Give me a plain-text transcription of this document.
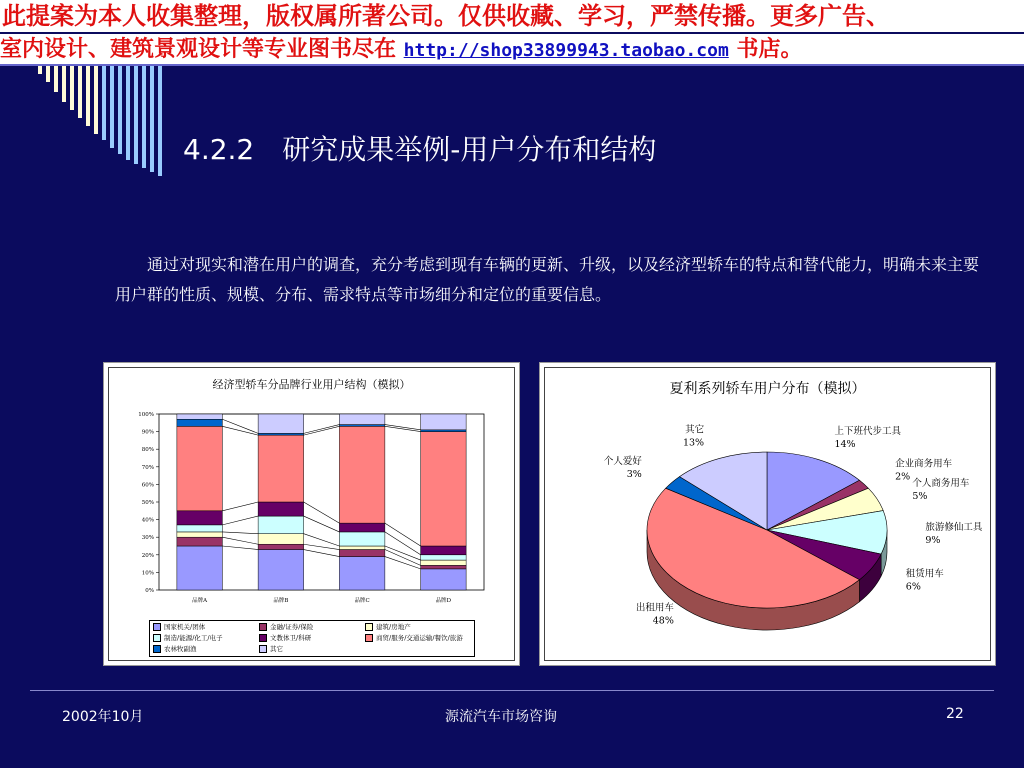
此提案为本人收集整理，版权属所著公司。仅供收藏、学习，严禁传播。更多广告、
室内设计、建筑景观设计等专业图书尽在 http://shop33899943.taobao.com 书店。
4.2.2　研究成果举例-用户分布和结构
通过对现实和潜在用户的调查，充分考虑到现有车辆的更新、升级，以及经济型轿车的特点和替代能力，明确未来主要用户群的性质、规模、分布、需求特点等市场细分和定位的重要信息。
经济型轿车分品牌行业用户结构（模拟）
0%
10%
20%
30%
40%
50%
60%
70%
80%
90%
100%
品牌A	品牌B	品牌C	品牌D
国家机关/团体	金融/证券/保险	建筑/房地产
制造/能源/化工/电子	文教体卫/科研	商贸/服务/交通运输/餐饮/旅游
农林牧副渔	其它
夏利系列轿车用户分布（模拟）
上下班代步工具
14%
企业商务用车
2%
个人商务用车
5%
旅游修仙工具
9%
租赁用车
6%
出租用车
48%
个人爱好
3%
其它
13%
2002年10月	源流汽车市场咨询	22
